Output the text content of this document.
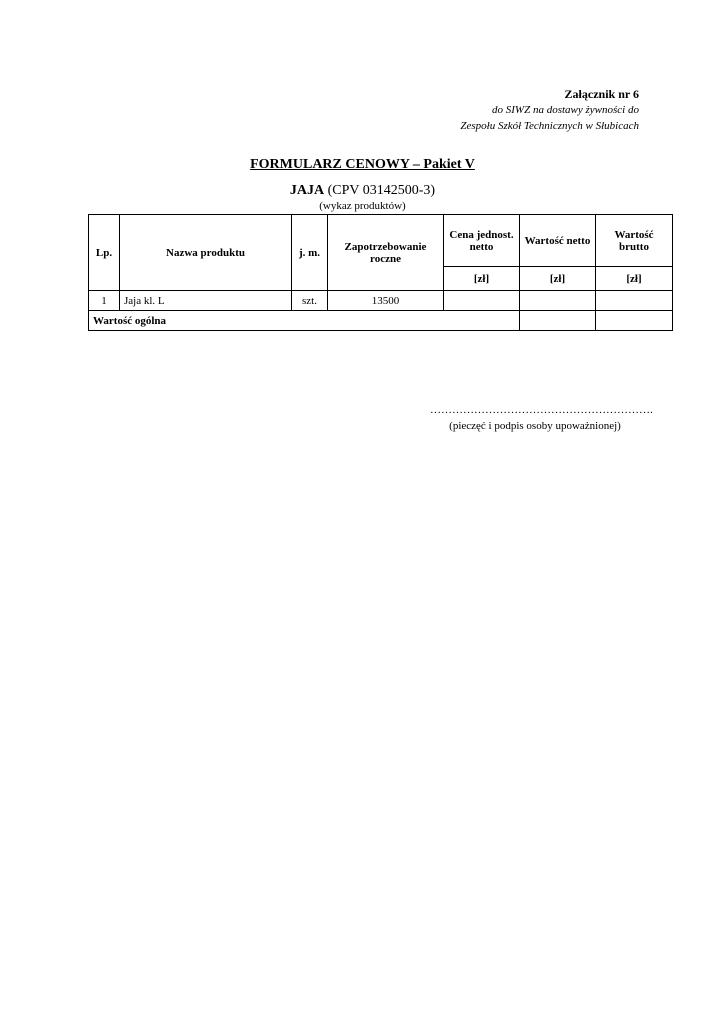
Załącznik nr 6
do SIWZ na dostawy żywności do
Zespołu Szkół Technicznych w Słubicach
FORMULARZ CENOWY – Pakiet V
JAJA (CPV 03142500-3)
(wykaz produktów)
Lp.	Nazwa produktu	j. m.	Zapotrzebowanie roczne	Cena jednost. netto	Wartość netto	Wartość brutto
				[zł]	[zł]	[zł]
1	Jaja kl. L	szt.	13500			
Wartość ogólna						
…………………………………………………….
(pieczęć i podpis osoby upoważnionej)
